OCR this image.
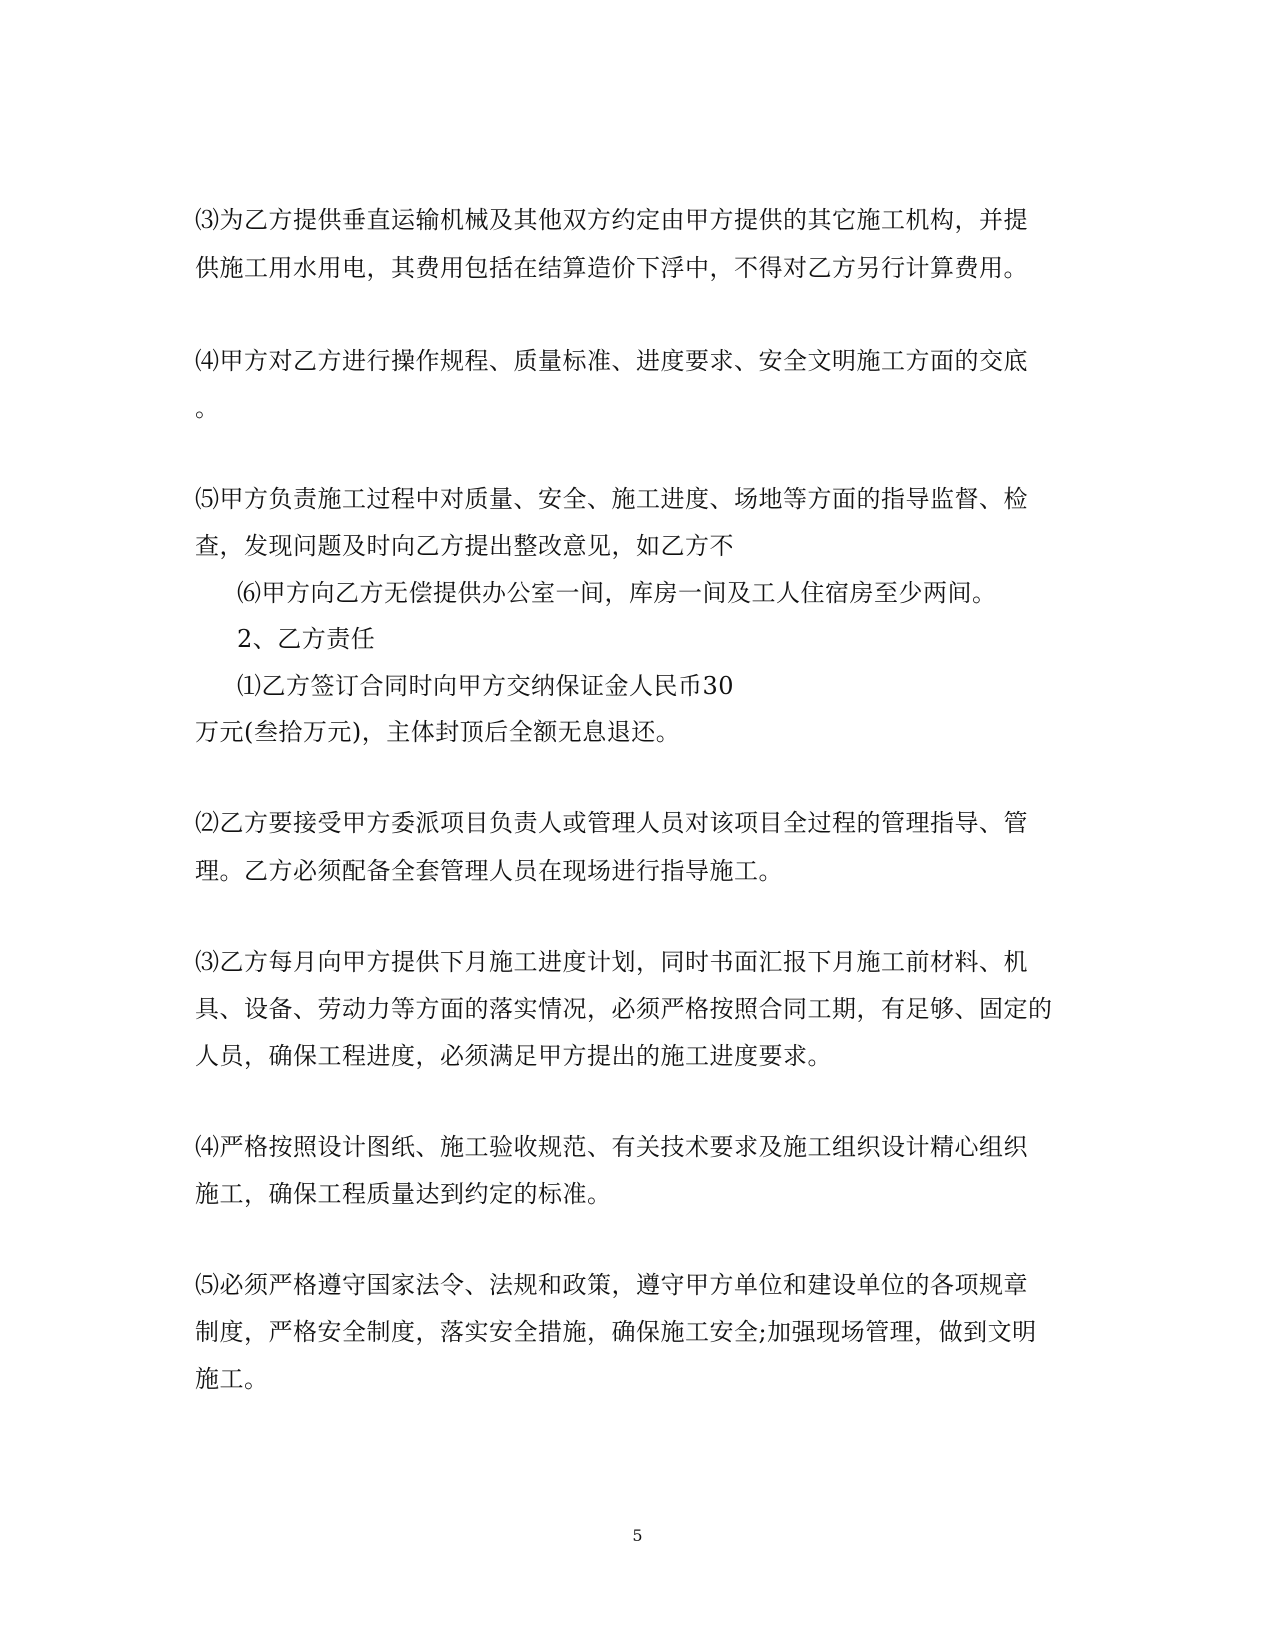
⑶为乙方提供垂直运输机械及其他双方约定由甲方提供的其它施工机构，并提
供施工用水用电，其费用包括在结算造价下浮中，不得对乙方另行计算费用。
⑷甲方对乙方进行操作规程、质量标准、进度要求、安全文明施工方面的交底
。
⑸甲方负责施工过程中对质量、安全、施工进度、场地等方面的指导监督、检
查，发现问题及时向乙方提出整改意见，如乙方不
⑹甲方向乙方无偿提供办公室一间，库房一间及工人住宿房至少两间。
2、乙方责任
⑴乙方签订合同时向甲方交纳保证金人民币30
万元(叁拾万元)，主体封顶后全额无息退还。
⑵乙方要接受甲方委派项目负责人或管理人员对该项目全过程的管理指导、管
理。乙方必须配备全套管理人员在现场进行指导施工。
⑶乙方每月向甲方提供下月施工进度计划，同时书面汇报下月施工前材料、机
具、设备、劳动力等方面的落实情况，必须严格按照合同工期，有足够、固定的
人员，确保工程进度，必须满足甲方提出的施工进度要求。
⑷严格按照设计图纸、施工验收规范、有关技术要求及施工组织设计精心组织
施工，确保工程质量达到约定的标准。
⑸必须严格遵守国家法令、法规和政策，遵守甲方单位和建设单位的各项规章
制度，严格安全制度，落实安全措施，确保施工安全;加强现场管理，做到文明
施工。
5
